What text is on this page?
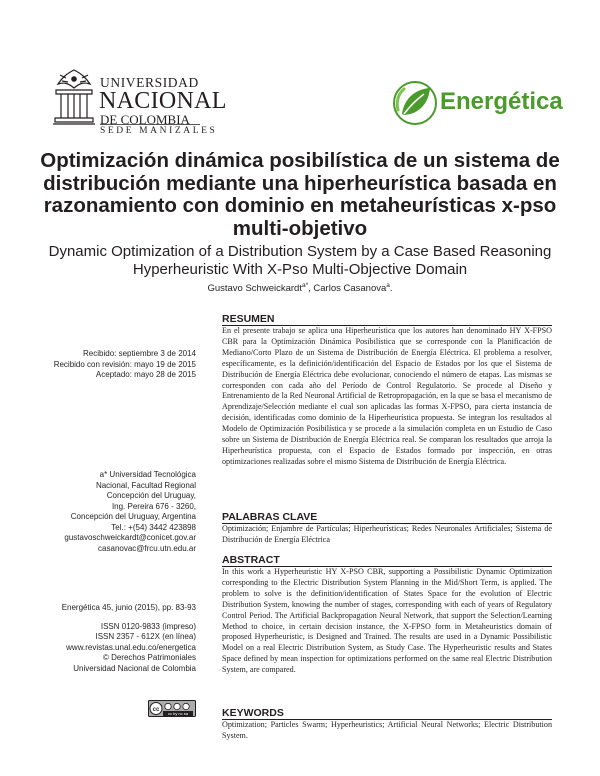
UNIVERSIDAD
NACIONAL
DE COLOMBIA
SEDE MANIZALES
Energética
Optimización dinámica posibilística de un sistema de distribución mediante una hiperheurística basada en razonamiento con dominio en metaheurísticas x-pso multi-objetivo
Dynamic Optimization of a Distribution System by a Case Based Reasoning Hyperheuristic With X-Pso Multi-Objective Domain
Gustavo Schweickardt$^{a*}$, Carlos Casanova$^a$.
Recibido: septiembre 3 de 2014
Recibido con revisión: mayo 19 de 2015
Aceptado: mayo 28 de 2015
a* Universidad Tecnológica
Nacional, Facultad Regional
Concepción del Uruguay,
Ing. Pereira 676 - 3260,
Concepción del Uruguay, Argentina
Tel.: +(54) 3442 423898
gustavoschweickardt@conicet.gov.ar
casanovac@frcu.utn.edu.ar
Energética 45, junio (2015), pp. 83-93
ISSN 0120-9833 (impreso)
ISSN 2357 - 612X (en línea)
www.revistas.unal.edu.co/energetica
© Derechos Patrimoniales
Universidad Nacional de Colombia
cc
cc by nc sa
RESUMEN
En el presente trabajo se aplica una Hiperheurística que los autores han denominado HY X-FPSO CBR para la Optimización Dinámica Posibilística que se corresponde con la Planificación de Mediano/Corto Plazo de un Sistema de Distribución de Energía Eléctrica. El problema a resolver, específicamente, es la definición/identificación del Espacio de Estados por los que el Sistema de Distribución de Energía Eléctrica debe evolucionar, conociendo el número de etapas. Las mismas se corresponden con cada año del Período de Control Regulatorio. Se procede al Diseño y Entrenamiento de la Red Neuronal Artificial de Retropropagación, en la que se basa el mecanismo de Aprendizaje/Selección mediante el cual son aplicadas las formas X-FPSO, para cierta instancia de decisión, identificadas como dominio de la Hiperheurística propuesta. Se integran los resultados al Modelo de Optimización Posibilística y se procede a la simulación completa en un Estudio de Caso sobre un Sistema de Distribución de Energía Eléctrica real. Se comparan los resultados que arroja la Hiperheurística propuesta, con el Espacio de Estados formado por inspección, en otras optimizaciones realizadas sobre el mismo Sistema de Distribución de Energía Eléctrica.
PALABRAS CLAVE
Optimización; Enjambre de Partículas; Hiperheurísticas; Redes Neuronales Artificiales; Sistema de Distribución de Energía Eléctrica
ABSTRACT
In this work a Hyperheuristic HY X-PSO CBR, supporting a Possibilistic Dynamic Optimization corresponding to the Electric Distribution System Planning in the Mid/Short Term, is applied. The problem to solve is the definition/identification of States Space for the evolution of Electric Distribution System, knowing the number of stages, corresponding with each of years of Regulatory Control Period. The Artificial Backpropagation Neural Network, that support the Selection/Learning Method to choice, in certain decision instance, the X-FPSO form in Metaheuristics domain of proposed Hyperheuristic, is Designed and Trained. The results are used in a Dynamic Possibilistic Model on a real Electric Distribution System, as Study Case. The Hyperheuristic results and States Space defined by mean inspection for optimizations performed on the same real Electric Distribution System, are compared.
KEYWORDS
Optimization; Particles Swarm; Hyperheuristics; Artificial Neural Networks; Electric Distribution System.
